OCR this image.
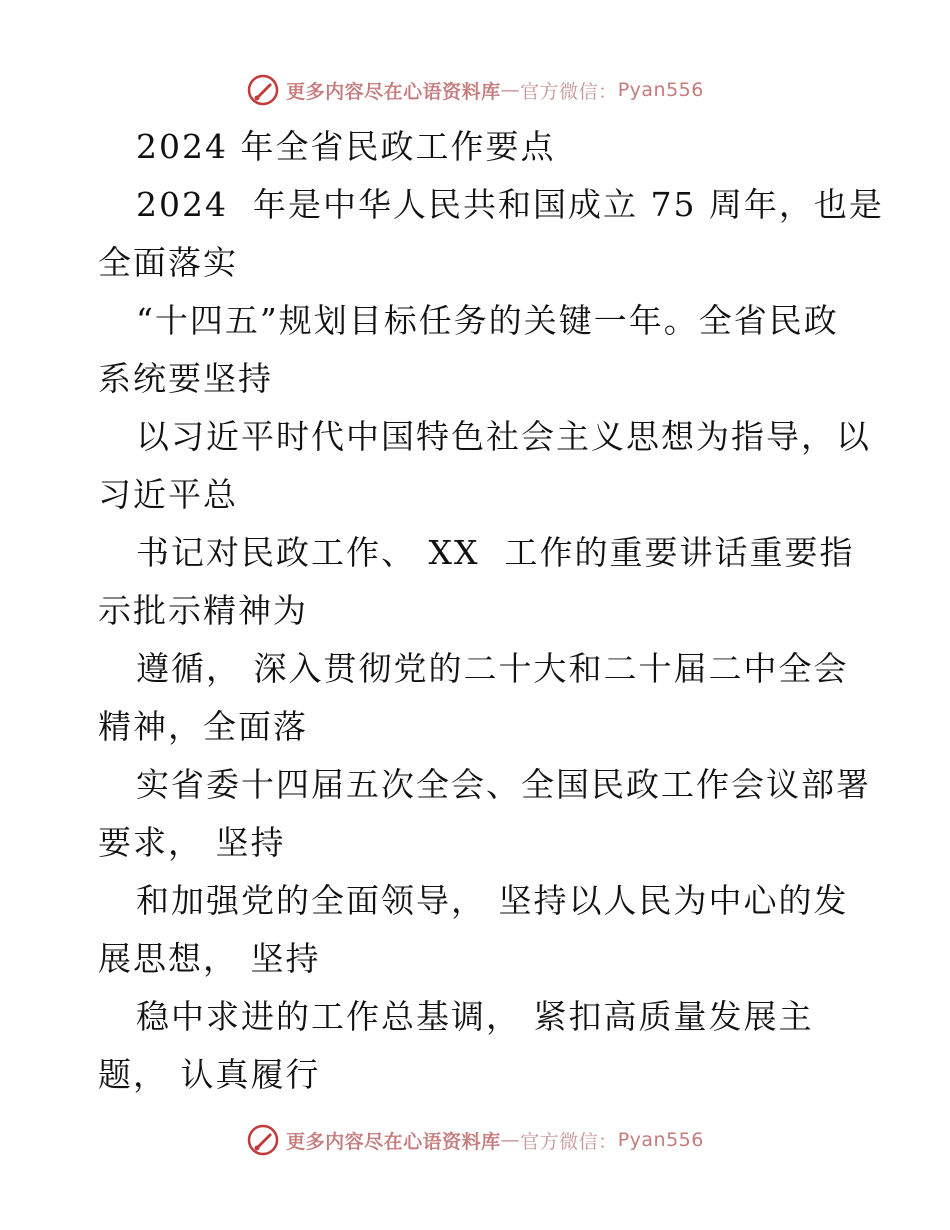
更多内容尽在心语资料库 — 官方微信： Pyan556
2024 年全省民政工作要点
2024  年是中华人民共和国成立 75 周年，也是
全面落实
“十四五”规划目标任务的关键一年。全省民政
系统要坚持
以习近平时代中国特色社会主义思想为指导，以
习近平总
书记对民政工作、 XX  工作的重要讲话重要指
示批示精神为
遵循， 深入贯彻党的二十大和二十届二中全会
精神，全面落
实省委十四届五次全会、全国民政工作会议部署
要求， 坚持
和加强党的全面领导， 坚持以人民为中心的发
展思想， 坚持
稳中求进的工作总基调， 紧扣高质量发展主
题， 认真履行
更多内容尽在心语资料库 — 官方微信： Pyan556
